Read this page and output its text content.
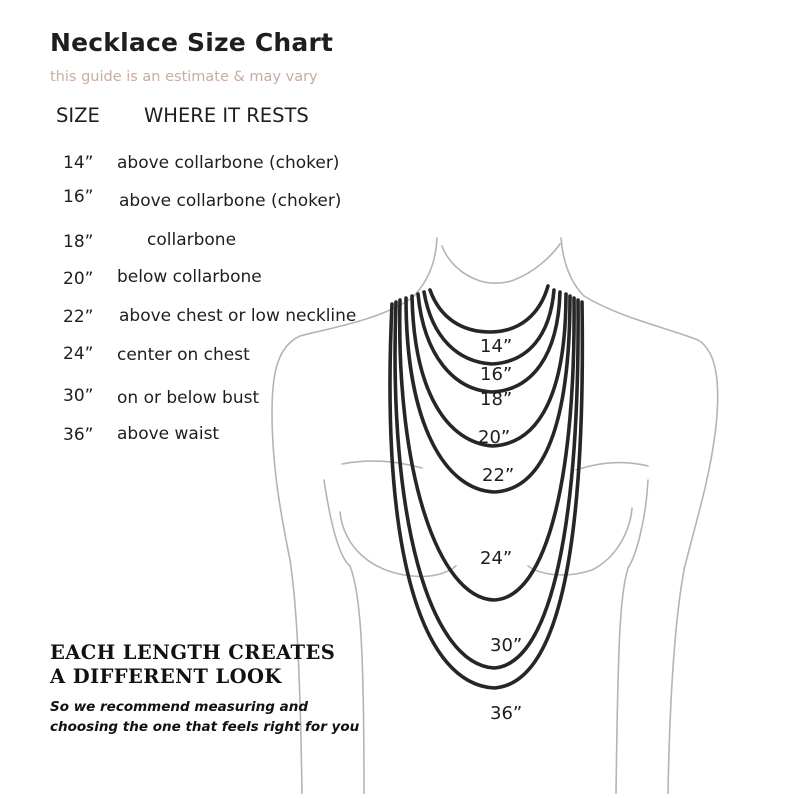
14”
16”
18”
20”
22”
24”
30”
36”
Necklace Size Chart
this guide is an estimate & may vary
SIZE WHERE IT RESTS
14” above collarbone (choker)
16” above collarbone (choker)
18”	collarbone
20” below collarbone
22” above chest or low neckline
24” center on chest
30” on or below bust
36” above waist
EACH LENGTH CREATES
A DIFFERENT LOOK
So we recommend measuring and
choosing the one that feels right for you
